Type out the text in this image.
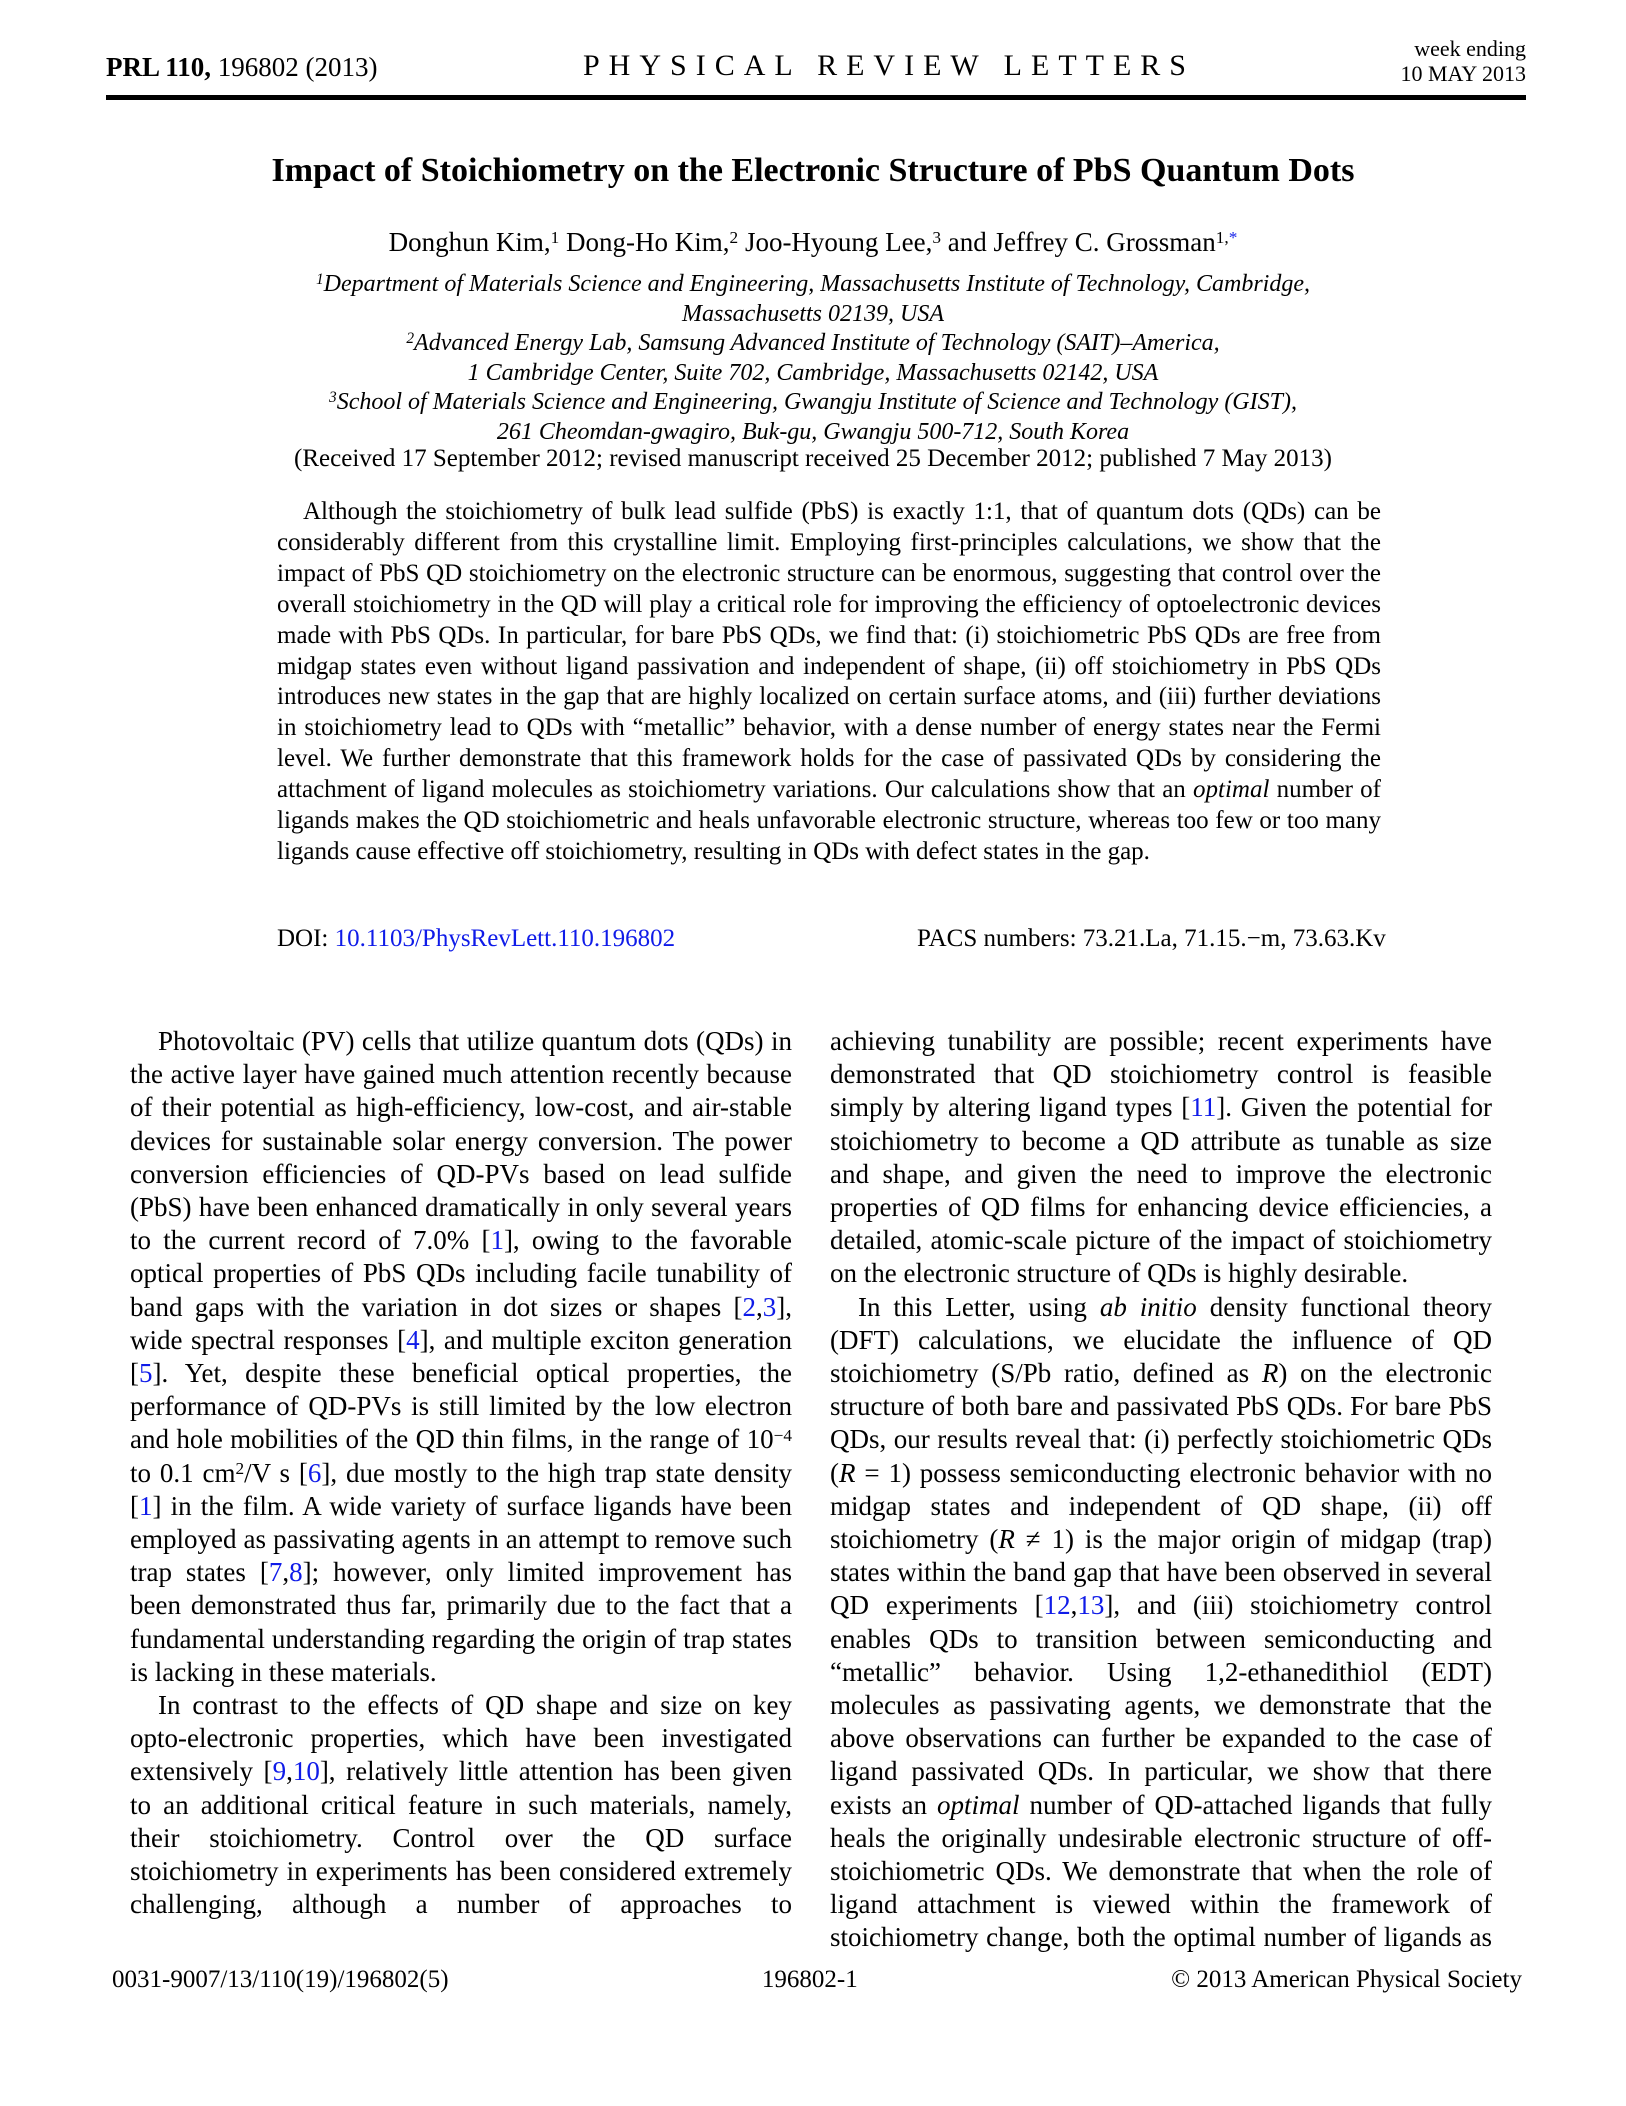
PRL 110, 196802 (2013)	PHYSICAL REVIEW LETTERS
week ending
10 MAY 2013
Impact of Stoichiometry on the Electronic Structure of PbS Quantum Dots
Donghun Kim,$^1$ Dong-Ho Kim,$^2$ Joo-Hyoung Lee,$^3$ and Jeffrey C. Grossman$^{1,*}$
$^1$Department of Materials Science and Engineering, Massachusetts Institute of Technology, Cambridge,
Massachusetts 02139, USA
$^2$Advanced Energy Lab, Samsung Advanced Institute of Technology (SAIT)–America,
1 Cambridge Center, Suite 702, Cambridge, Massachusetts 02142, USA
$^3$School of Materials Science and Engineering, Gwangju Institute of Science and Technology (GIST),
261 Cheomdan-gwagiro, Buk-gu, Gwangju 500-712, South Korea
(Received 17 September 2012; revised manuscript received 25 December 2012; published 7 May 2013)
Although the stoichiometry of bulk lead sulfide (PbS) is exactly 1:1, that of quantum dots (QDs) can be considerably different from this crystalline limit. Employing first-principles calculations, we show that the impact of PbS QD stoichiometry on the electronic structure can be enormous, suggesting that control over the overall stoichiometry in the QD will play a critical role for improving the efficiency of optoelectronic devices made with PbS QDs. In particular, for bare PbS QDs, we find that: (i) stoichiometric PbS QDs are free from midgap states even without ligand passivation and independent of shape, (ii) off stoichiometry in PbS QDs introduces new states in the gap that are highly localized on certain surface atoms, and (iii) further deviations in stoichiometry lead to QDs with “metallic” behavior, with a dense number of energy states near the Fermi level. We further demonstrate that this framework holds for the case of passivated QDs by considering the attachment of ligand molecules as stoichiometry variations. Our calculations show that an optimal number of ligands makes the QD stoichiometric and heals unfavorable electronic structure, whereas too few or too many ligands cause effective off stoichiometry, resulting in QDs with defect states in the gap.
DOI: 10.1103/PhysRevLett.110.196802	PACS numbers: 73.21.La, 71.15.−m, 73.63.Kv

Photovoltaic (PV) cells that utilize quantum dots (QDs) in the active layer have gained much attention recently because of their potential as high-efficiency, low-cost, and air-stable devices for sustainable solar energy conversion. The power conversion efficiencies of QD-PVs based on lead sulfide (PbS) have been enhanced dramatically in only several years to the current record of 7.0% [1], owing to the favorable optical properties of PbS QDs including facile tunability of band gaps with the variation in dot sizes or shapes [2,3], wide spectral responses [4], and multiple exciton generation [5]. Yet, despite these beneficial optical properties, the performance of QD-PVs is still limited by the low electron and hole mobilities of the QD thin films, in the range of $10^{-4}$ to 0.1 $cm^2/V$ s [6], due mostly to the high trap state density [1] in the film. A wide variety of surface ligands have been employed as passivating agents in an attempt to remove such trap states [7,8]; however, only limited improvement has been demonstrated thus far, primarily due to the fact that a fundamental understanding regarding the origin of trap states is lacking in these materials.

In contrast to the effects of QD shape and size on key opto-electronic properties, which have been investigated extensively [9,10], relatively little attention has been given to an additional critical feature in such materials, namely, their stoichiometry. Control over the QD surface stoichiometry in experiments has been considered extremely challenging, although a number of approaches to

achieving tunability are possible; recent experiments have demonstrated that QD stoichiometry control is feasible simply by altering ligand types [11]. Given the potential for stoichiometry to become a QD attribute as tunable as size and shape, and given the need to improve the electronic properties of QD films for enhancing device efficiencies, a detailed, atomic-scale picture of the impact of stoichiometry on the electronic structure of QDs is highly desirable.

In this Letter, using ab initio density functional theory (DFT) calculations, we elucidate the influence of QD stoichiometry (S/Pb ratio, defined as R) on the electronic structure of both bare and passivated PbS QDs. For bare PbS QDs, our results reveal that: (i) perfectly stoichiometric QDs (R = 1) possess semiconducting electronic behavior with no midgap states and independent of QD shape, (ii) off stoichiometry (R ≠ 1) is the major origin of midgap (trap) states within the band gap that have been observed in several QD experiments [12,13], and (iii) stoichiometry control enables QDs to transition between semiconducting and “metallic” behavior. Using 1,2-ethanedithiol (EDT) molecules as passivating agents, we demonstrate that the above observations can further be expanded to the case of ligand passivated QDs. In particular, we show that there exists an optimal number of QD-attached ligands that fully heals the originally undesirable electronic structure of off-stoichiometric QDs. We demonstrate that when the role of ligand attachment is viewed within the framework of stoichiometry change, both the optimal number of ligands as

0031-9007/13/110(19)/196802(5)	196802-1	© 2013 American Physical Society
